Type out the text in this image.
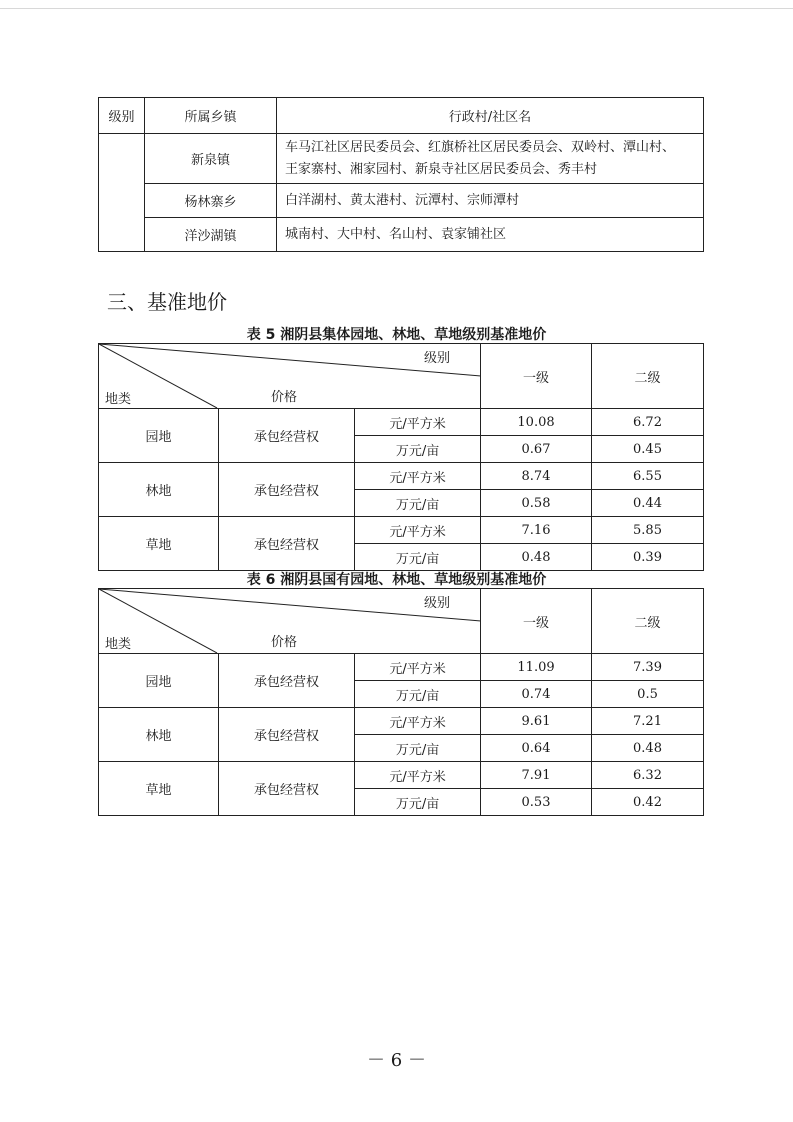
级别	所属乡镇	行政村/社区名
	新泉镇	车马江社区居民委员会、红旗桥社区居民委员会、双岭村、潭山村、
王家寨村、湘家园村、新泉寺社区居民委员会、秀丰村

	杨林寨乡	白洋湖村、黄太港村、沅潭村、宗师潭村
	洋沙湖镇	城南村、大中村、名山村、袁家铺社区
三、基准地价

表 5 湘阴县集体园地、林地、草地级别基准地价

级别
价格
地类			一级	二级
园地	承包经营权	元/平方米	10.08	6.72
		万元/亩	0.67	0.45
林地	承包经营权	元/平方米	8.74	6.55
		万元/亩	0.58	0.44
草地	承包经营权	元/平方米	7.16	5.85
		万元/亩	0.48	0.39

表 6 湘阴县国有园地、林地、草地级别基准地价

级别
价格
地类			一级	二级
园地	承包经营权	元/平方米	11.09	7.39
		万元/亩	0.74	0.5
林地	承包经营权	元/平方米	9.61	7.21
		万元/亩	0.64	0.48
草地	承包经营权	元/平方米	7.91	6.32
		万元/亩	0.53	0.42
－ 6 －
